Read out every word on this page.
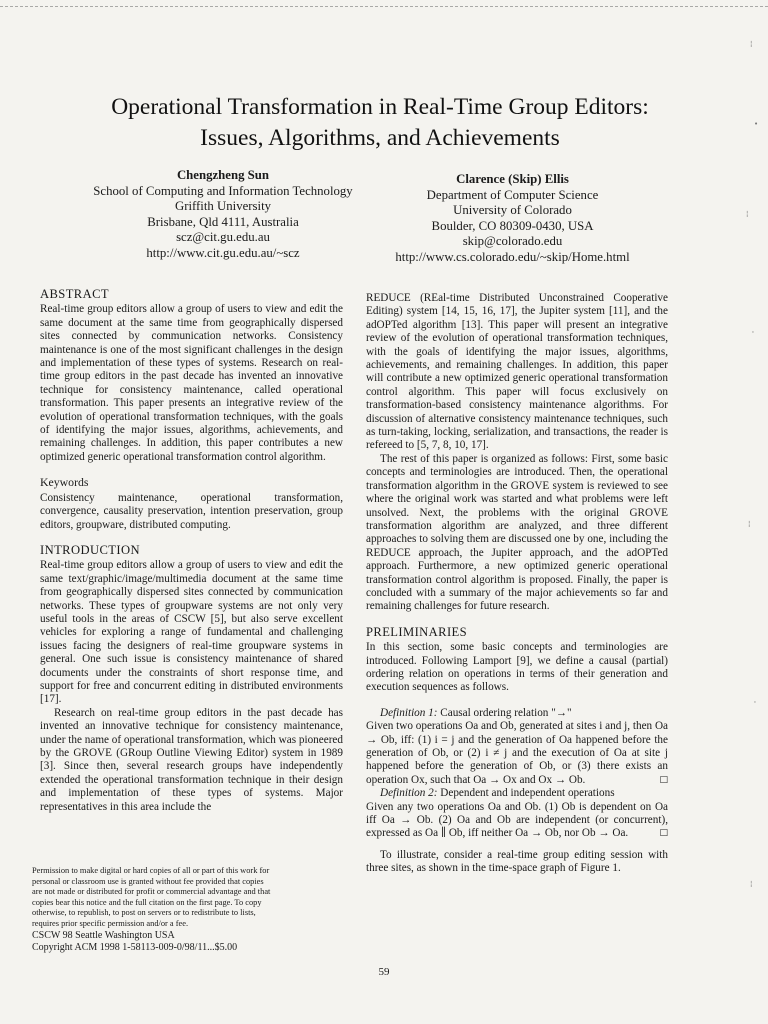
Operational Transformation in Real-Time Group Editors:
Issues, Algorithms, and Achievements
Chengzheng Sun
School of Computing and Information Technology
Griffith University
Brisbane, Qld 4111, Australia
scz@cit.gu.edu.au
http://www.cit.gu.edu.au/~scz
Clarence (Skip) Ellis
Department of Computer Science
University of Colorado
Boulder, CO 80309-0430, USA
skip@colorado.edu
http://www.cs.colorado.edu/~skip/Home.html
ABSTRACT

Real-time group editors allow a group of users to view and edit the same document at the same time from geographically dispersed sites connected by communication networks. Consistency maintenance is one of the most significant challenges in the design and implementation of these types of systems. Research on real-time group editors in the past decade has invented an innovative technique for consistency maintenance, called operational transformation. This paper presents an integrative review of the evolution of operational transformation techniques, with the goals of identifying the major issues, algorithms, achievements, and remaining challenges. In addition, this paper contributes a new optimized generic operational transformation control algorithm.

Keywords

Consistency maintenance, operational transformation, convergence, causality preservation, intention preservation, group editors, groupware, distributed computing.

INTRODUCTION

Real-time group editors allow a group of users to view and edit the same text/graphic/image/multimedia document at the same time from geographically dispersed sites connected by communication networks. These types of groupware systems are not only very useful tools in the areas of CSCW [5], but also serve excellent vehicles for exploring a range of fundamental and challenging issues facing the designers of real-time groupware systems in general. One such issue is consistency maintenance of shared documents under the constraints of short response time, and support for free and concurrent editing in distributed environments [17].

Research on real-time group editors in the past decade has invented an innovative technique for consistency maintenance, under the name of operational transformation, which was pioneered by the GROVE (GRoup Outline Viewing Editor) system in 1989 [3]. Since then, several research groups have independently extended the operational transformation technique in their design and implementation of these types of systems. Major representatives in this area include the

Permission to make digital or hard copies of all or part of this work for
personal or classroom use is granted without fee provided that copies
are not made or distributed for profit or commercial advantage and that
copies bear this notice and the full citation on the first page. To copy
otherwise, to republish, to post on servers or to redistribute to lists,
requires prior specific permission and/or a fee.
CSCW 98 Seattle Washington USA
Copyright ACM 1998 1-58113-009-0/98/11...$5.00

REDUCE (REal-time Distributed Unconstrained Cooperative Editing) system [14, 15, 16, 17], the Jupiter system [11], and the adOPTed algorithm [13]. This paper will present an integrative review of the evolution of operational transformation techniques, with the goals of identifying the major issues, algorithms, achievements, and remaining challenges. In addition, this paper will contribute a new optimized generic operational transformation control algorithm. This paper will focus exclusively on transformation-based consistency maintenance algorithms. For discussion of alternative consistency maintenance techniques, such as turn-taking, locking, serialization, and transactions, the reader is refereed to [5, 7, 8, 10, 17].

The rest of this paper is organized as follows: First, some basic concepts and terminologies are introduced. Then, the operational transformation algorithm in the GROVE system is reviewed to see where the original work was started and what problems were left unsolved. Next, the problems with the original GROVE transformation algorithm are analyzed, and three different approaches to solving them are discussed one by one, including the REDUCE approach, the Jupiter approach, and the adOPTed approach. Furthermore, a new optimized generic operational transformation control algorithm is proposed. Finally, the paper is concluded with a summary of the major achievements so far and remaining challenges for future research.

PRELIMINARIES

In this section, some basic concepts and terminologies are introduced. Following Lamport [9], we define a causal (partial) ordering relation on operations in terms of their generation and execution sequences as follows.

Definition 1: Causal ordering relation "→"

Given two operations Oa and Ob, generated at sites i and j, then Oa → Ob, iff: (1) i = j and the generation of Oa happened before the generation of Ob, or (2) i ≠ j and the execution of Oa at site j happened before the generation of Ob, or (3) there exists an operation Ox, such that Oa → Ox and Ox → Ob.	□

Definition 2: Dependent and independent operations

Given any two operations Oa and Ob. (1) Ob is dependent on Oa iff Oa → Ob. (2) Oa and Ob are independent (or concurrent), expressed as Oa ∥ Ob, iff neither Oa → Ob, nor Ob → Oa.	□

To illustrate, consider a real-time group editing session with three sites, as shown in the time-space graph of Figure 1.

59
¦
•
¦
'
¦
'
¦
